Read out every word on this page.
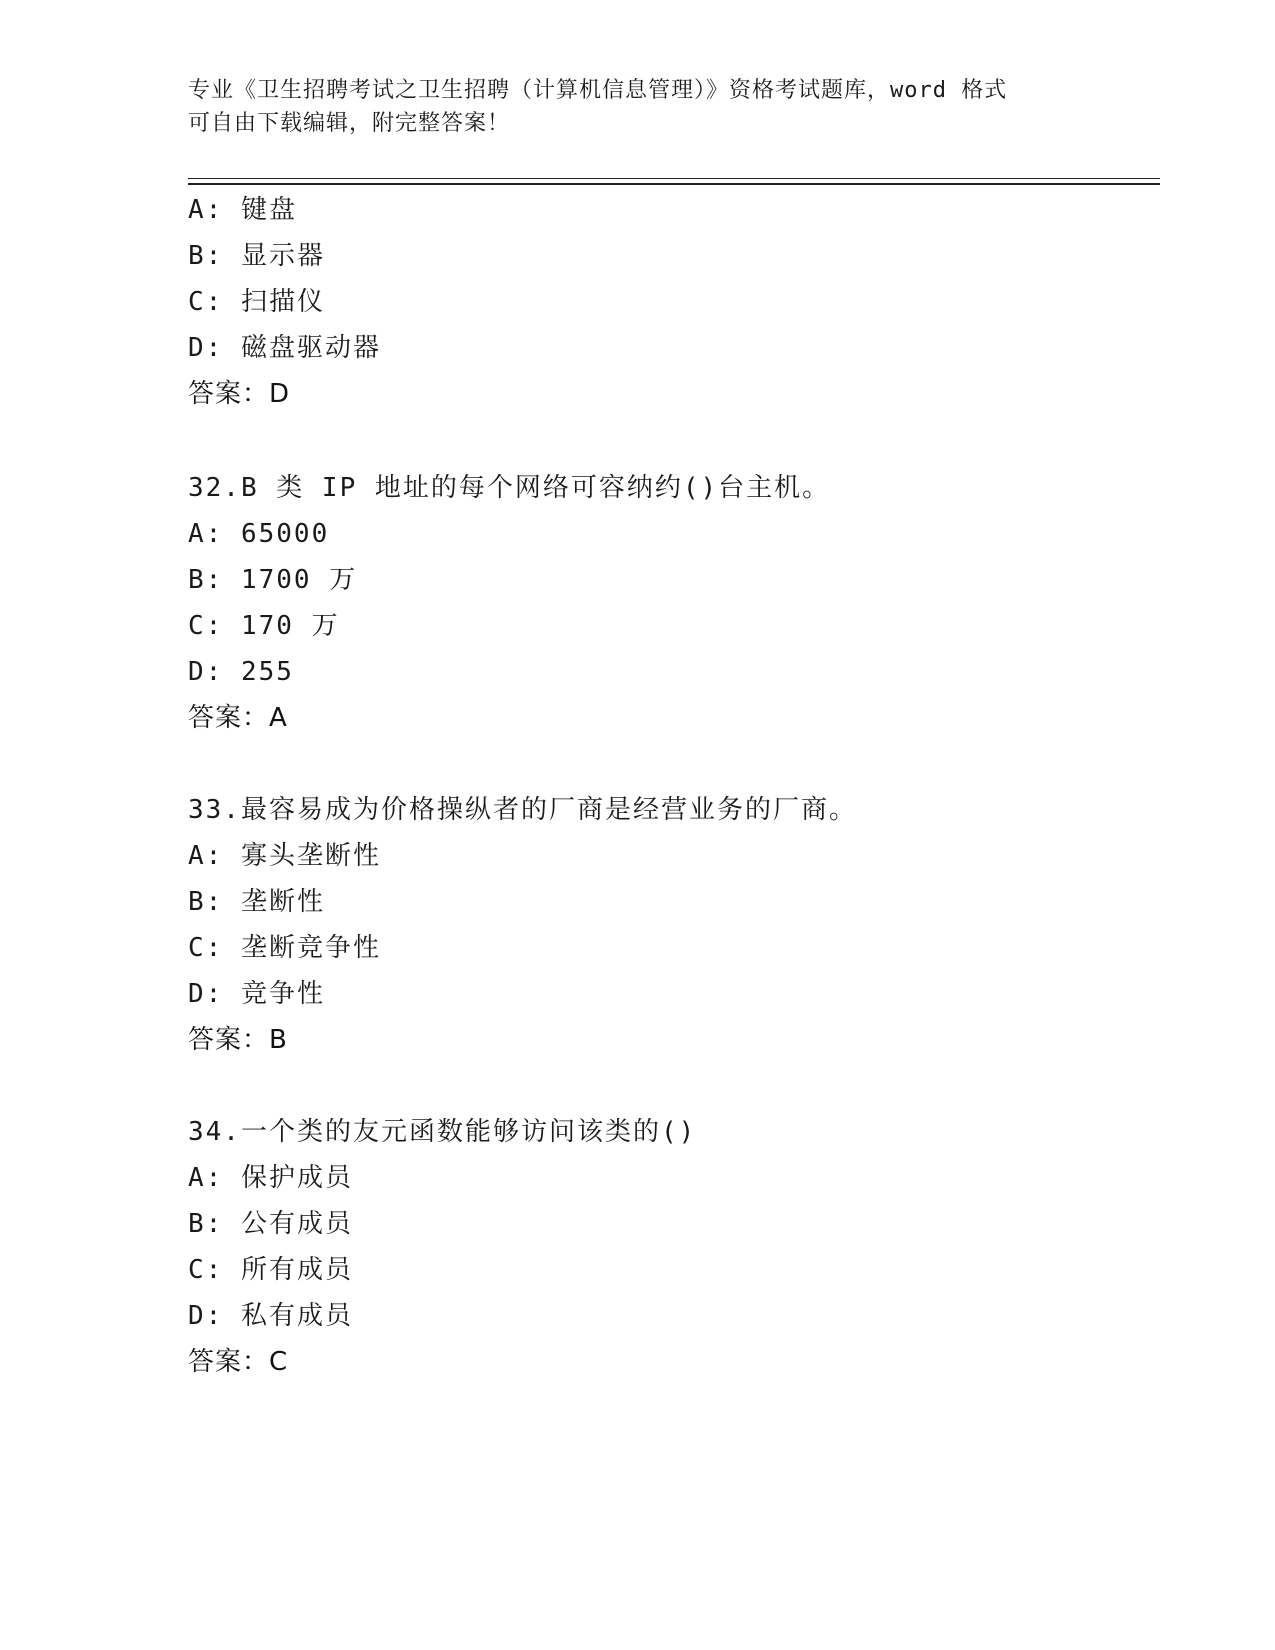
专业《卫生招聘考试之卫生招聘（计算机信息管理）》资格考试题库，word 格式
可自由下载编辑，附完整答案！
A: 键盘
B: 显示器
C: 扫描仪
D: 磁盘驱动器
答案：D
32.B 类 IP 地址的每个网络可容纳约()台主机。
A: 65000
B: 1700 万
C: 170 万
D: 255
答案：A
33.最容易成为价格操纵者的厂商是经营业务的厂商。
A: 寡头垄断性
B: 垄断性
C: 垄断竞争性
D: 竞争性
答案：B
34.一个类的友元函数能够访问该类的()
A: 保护成员
B: 公有成员
C: 所有成员
D: 私有成员
答案：C
